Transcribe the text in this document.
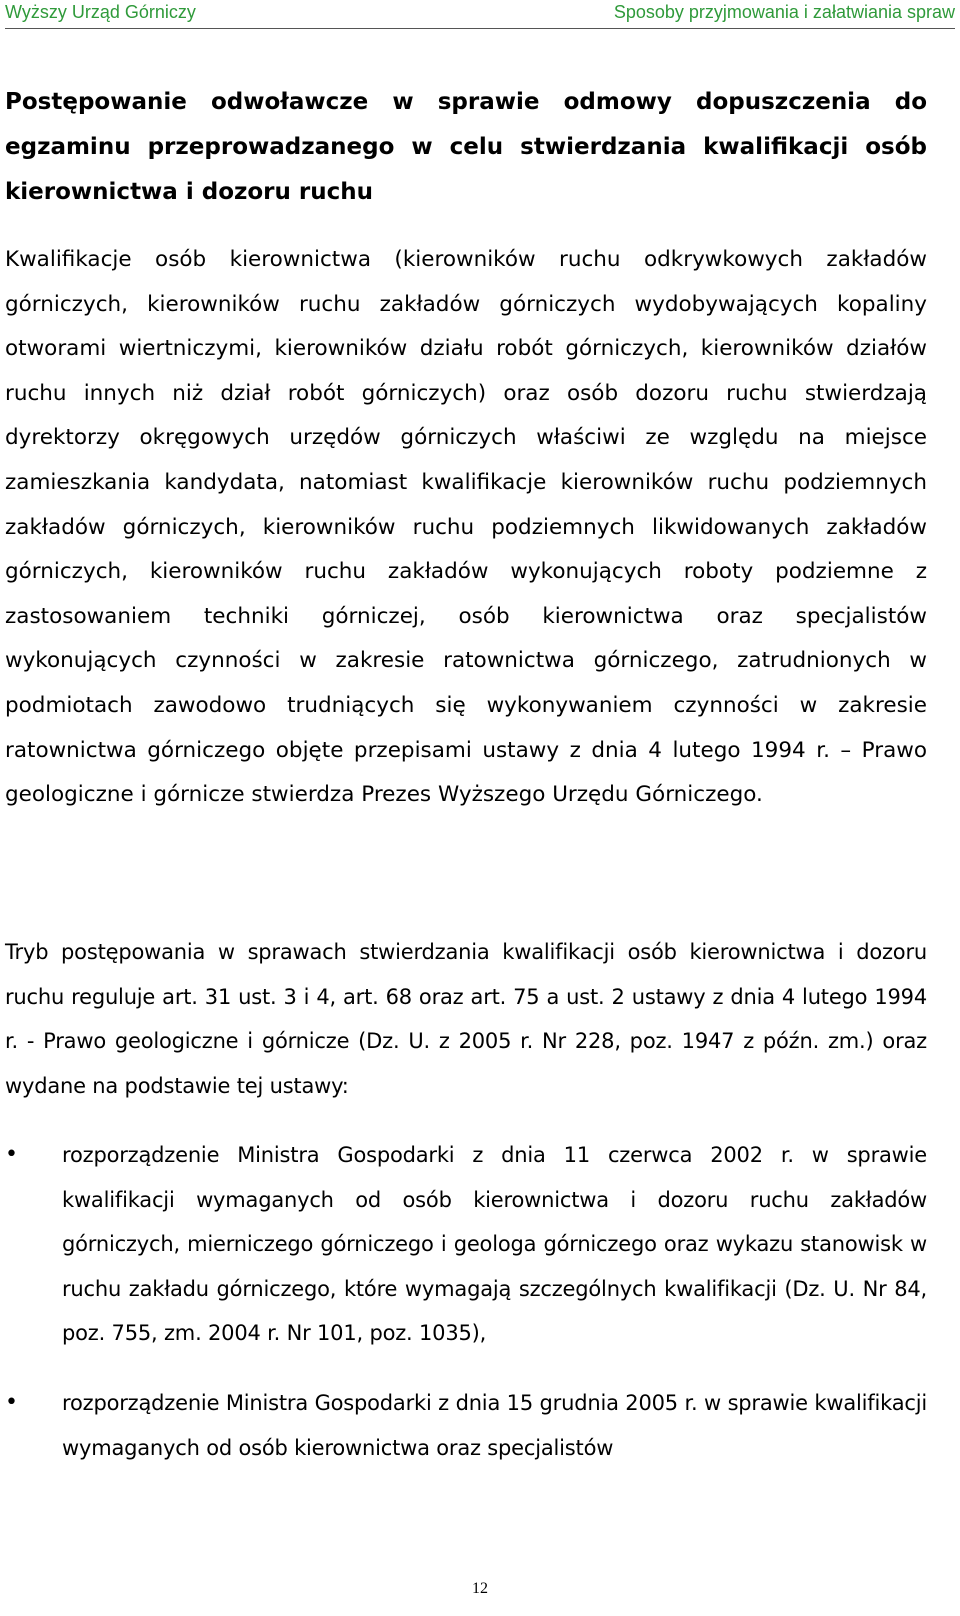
Wyższy Urząd Górniczy	Sposoby przyjmowania i załatwiania spraw
Postępowanie odwoławcze w sprawie odmowy dopuszczenia do egzaminu przeprowadzanego w celu stwierdzania kwalifikacji osób kierownictwa i dozoru ruchu

Kwalifikacje osób kierownictwa (kierowników ruchu odkrywkowych zakładów górniczych, kierowników ruchu zakładów górniczych wydobywających kopaliny otworami wiertniczymi, kierowników działu robót górniczych, kierowników działów ruchu innych niż dział robót górniczych) oraz osób dozoru ruchu stwierdzają dyrektorzy okręgowych urzędów górniczych właściwi ze względu na miejsce zamieszkania kandydata, natomiast kwalifikacje kierowników ruchu podziemnych zakładów górniczych, kierowników ruchu podziemnych likwidowanych zakładów górniczych, kierowników ruchu zakładów wykonujących roboty podziemne z zastosowaniem techniki górniczej, osób kierownictwa oraz specjalistów wykonujących czynności w zakresie ratownictwa górniczego, zatrudnionych w podmiotach zawodowo trudniących się wykonywaniem czynności w zakresie ratownictwa górniczego objęte przepisami ustawy z dnia 4 lutego 1994 r. – Prawo geologiczne i górnicze stwierdza Prezes Wyższego Urzędu Górniczego.

Tryb postępowania w sprawach stwierdzania kwalifikacji osób kierownictwa i dozoru ruchu reguluje art. 31 ust. 3 i 4, art. 68 oraz art. 75 a ust. 2 ustawy z dnia 4 lutego 1994 r. - Prawo geologiczne i górnicze (Dz. U. z 2005 r. Nr 228, poz. 1947 z późn. zm.) oraz wydane na podstawie tej ustawy:

• rozporządzenie Ministra Gospodarki z dnia 11 czerwca 2002 r. w sprawie kwalifikacji wymaganych od osób kierownictwa i dozoru ruchu zakładów górniczych, mierniczego górniczego i geologa górniczego oraz wykazu stanowisk w ruchu zakładu górniczego, które wymagają szczególnych kwalifikacji (Dz. U. Nr 84, poz. 755, zm. 2004 r. Nr 101, poz. 1035),
• rozporządzenie Ministra Gospodarki z dnia 15 grudnia 2005 r. w sprawie kwalifikacji wymaganych od osób kierownictwa oraz specjalistów
12
